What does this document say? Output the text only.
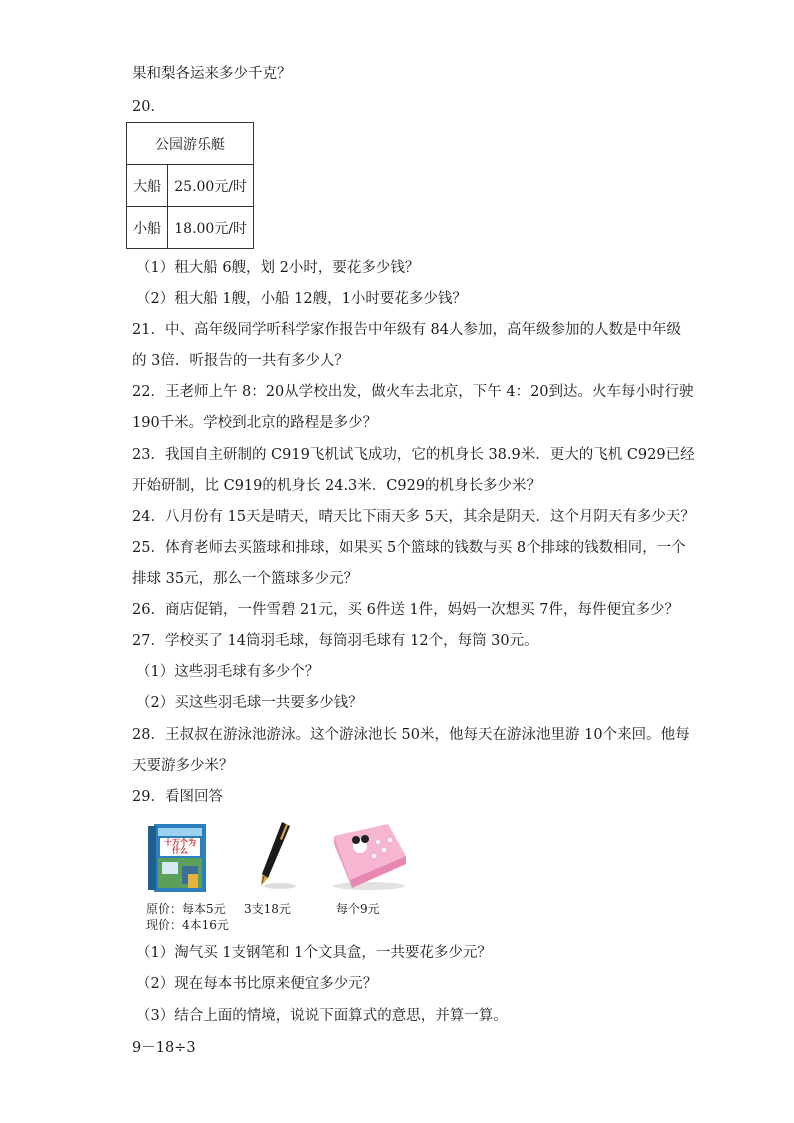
果和梨各运来多少千克？
20．
公园游乐艇	
大船	25.00元/时
小船	18.00元/时
（1）租大船 6艘，划 2小时，要花多少钱？
（2）租大船 1艘，小船 12艘，1小时要花多少钱？
21．中、高年级同学听科学家作报告中年级有 84人参加，高年级参加的人数是中年级
的 3倍．听报告的一共有多少人？
22．王老师上午 8：20从学校出发，做火车去北京，下午 4：20到达。火车每小时行驶
190千米。学校到北京的路程是多少？
23．我国自主研制的 C919飞机试飞成功，它的机身长 38.9米．更大的飞机 C929已经
开始研制，比 C919的机身长 24.3米．C929的机身长多少米？
24．八月份有 15天是晴天，晴天比下雨天多 5天，其余是阴天．这个月阴天有多少天？
25．体育老师去买篮球和排球，如果买 5个篮球的钱数与买 8个排球的钱数相同，一个
排球 35元，那么一个篮球多少元？
26．商店促销，一件雪碧 21元，买 6件送 1件，妈妈一次想买 7件，每件便宜多少？
27．学校买了 14筒羽毛球，每筒羽毛球有 12个，每筒 30元。
（1）这些羽毛球有多少个？
（2）买这些羽毛球一共要多少钱？
28．王叔叔在游泳池游泳。这个游泳池长 50米，他每天在游泳池里游 10个来回。他每
天要游多少米？
29．看图回答
十万个为什么
原价：每本5元
现价：4本16元
3支18元	每个9元
（1）淘气买 1支钢笔和 1个文具盒，一共要花多少元？
（2）现在每本书比原来便宜多少元？
（3）结合上面的情境，说说下面算式的意思，并算一算。
9－18÷3
